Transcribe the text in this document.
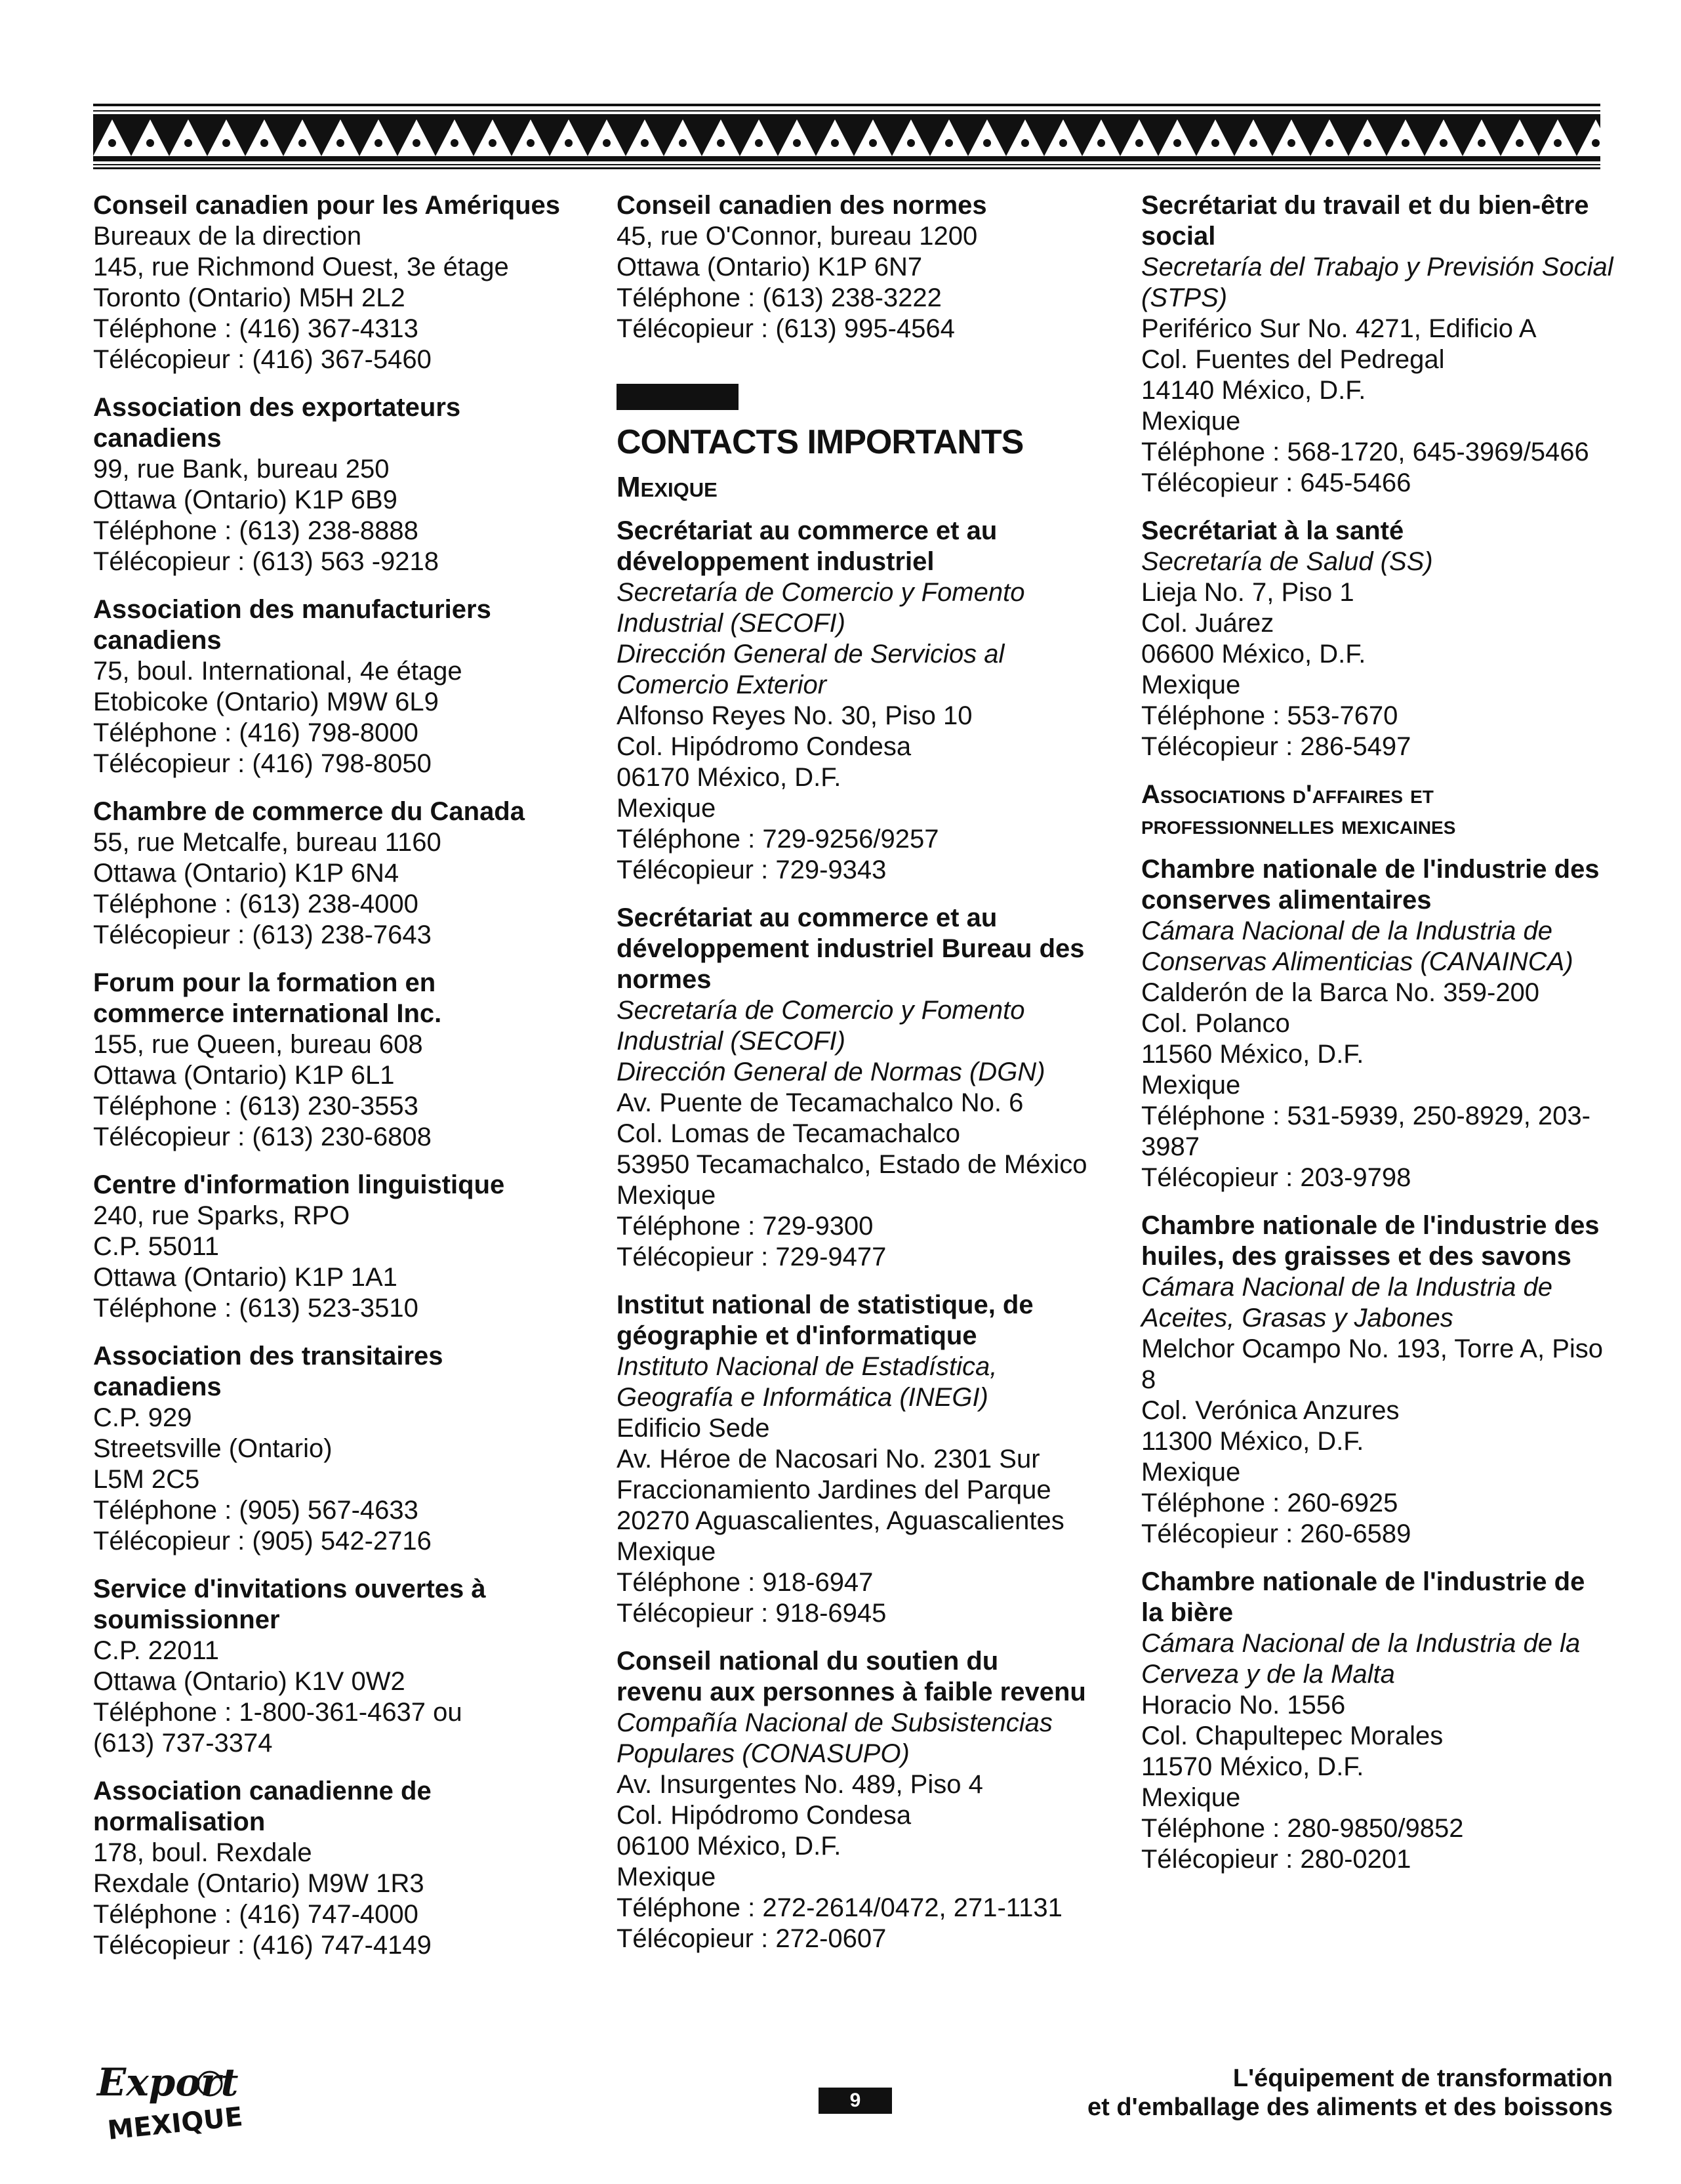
Conseil canadien pour les Amériques
Bureaux de la direction
145, rue Richmond Ouest, 3e étage
Toronto (Ontario) M5H 2L2
Téléphone : (416) 367-4313
Télécopieur : (416) 367-5460
Association des exportateurs canadiens
99, rue Bank, bureau 250
Ottawa (Ontario) K1P 6B9
Téléphone : (613) 238-8888
Télécopieur : (613) 563 -9218
Association des manufacturiers canadiens
75, boul. International, 4e étage
Etobicoke (Ontario) M9W 6L9
Téléphone : (416) 798-8000
Télécopieur : (416) 798-8050
Chambre de commerce du Canada
55, rue Metcalfe, bureau 1160
Ottawa (Ontario) K1P 6N4
Téléphone : (613) 238-4000
Télécopieur : (613) 238-7643
Forum pour la formation en commerce international Inc.
155, rue Queen, bureau 608
Ottawa (Ontario) K1P 6L1
Téléphone : (613) 230-3553
Télécopieur : (613) 230-6808
Centre d'information linguistique
240, rue Sparks, RPO
C.P. 55011
Ottawa (Ontario) K1P 1A1
Téléphone : (613) 523-3510
Association des transitaires canadiens
C.P. 929
Streetsville (Ontario)
L5M 2C5
Téléphone : (905) 567-4633
Télécopieur : (905) 542-2716
Service d'invitations ouvertes à soumissionner
C.P. 22011
Ottawa (Ontario) K1V 0W2
Téléphone : 1-800-361-4637 ou
(613) 737-3374
Association canadienne de normalisation
178, boul. Rexdale
Rexdale (Ontario) M9W 1R3
Téléphone : (416) 747-4000
Télécopieur : (416) 747-4149
Conseil canadien des normes
45, rue O'Connor, bureau 1200
Ottawa (Ontario) K1P 6N7
Téléphone : (613) 238-3222
Télécopieur : (613) 995-4564
CONTACTS IMPORTANTS
Mexique
Secrétariat au commerce et au développement industriel
Secretaría de Comercio y Fomento Industrial (SECOFI)
Dirección General de Servicios al Comercio Exterior
Alfonso Reyes No. 30, Piso 10
Col. Hipódromo Condesa
06170 México, D.F.
Mexique
Téléphone : 729-9256/9257
Télécopieur : 729-9343
Secrétariat au commerce et au développement industriel Bureau des normes
Secretaría de Comercio y Fomento Industrial (SECOFI)
Dirección General de Normas (DGN)
Av. Puente de Tecamachalco No. 6
Col. Lomas de Tecamachalco
53950 Tecamachalco, Estado de México
Mexique
Téléphone : 729-9300
Télécopieur : 729-9477
Institut national de statistique, de géographie et d'informatique
Instituto Nacional de Estadística, Geografía e Informática (INEGI)
Edificio Sede
Av. Héroe de Nacosari No. 2301 Sur
Fraccionamiento Jardines del Parque
20270 Aguascalientes, Aguascalientes
Mexique
Téléphone : 918-6947
Télécopieur : 918-6945
Conseil national du soutien du revenu aux personnes à faible revenu
Compañía Nacional de Subsistencias Populares (CONASUPO)
Av. Insurgentes No. 489, Piso 4
Col. Hipódromo Condesa
06100 México, D.F.
Mexique
Téléphone : 272-2614/0472, 271-1131
Télécopieur : 272-0607
Secrétariat du travail et du bien-être social
Secretaría del Trabajo y Previsión Social (STPS)
Periférico Sur No. 4271, Edificio A
Col. Fuentes del Pedregal
14140 México, D.F.
Mexique
Téléphone : 568-1720, 645-3969/5466
Télécopieur : 645-5466
Secrétariat à la santé
Secretaría de Salud (SS)
Lieja No. 7, Piso 1
Col. Juárez
06600 México, D.F.
Mexique
Téléphone : 553-7670
Télécopieur : 286-5497
Associations d'affaires et professionnelles mexicaines
Chambre nationale de l'industrie des conserves alimentaires
Cámara Nacional de la Industria de Conservas Alimenticias (CANAINCA)
Calderón de la Barca No. 359-200
Col. Polanco
11560 México, D.F.
Mexique
Téléphone : 531-5939, 250-8929, 203-3987
Télécopieur : 203-9798
Chambre nationale de l'industrie des huiles, des graisses et des savons
Cámara Nacional de la Industria de Aceites, Grasas y Jabones
Melchor Ocampo No. 193, Torre A, Piso 8
Col. Verónica Anzures
11300 México, D.F.
Mexique
Téléphone : 260-6925
Télécopieur : 260-6589
Chambre nationale de l'industrie de la bière
Cámara Nacional de la Industria de la Cerveza y de la Malta
Horacio No. 1556
Col. Chapultepec Morales
11570 México, D.F.
Mexique
Téléphone : 280-9850/9852
Télécopieur : 280-0201
Export
MEXIQUE
9
L'équipement de transformation
et d'emballage des aliments et des boissons
